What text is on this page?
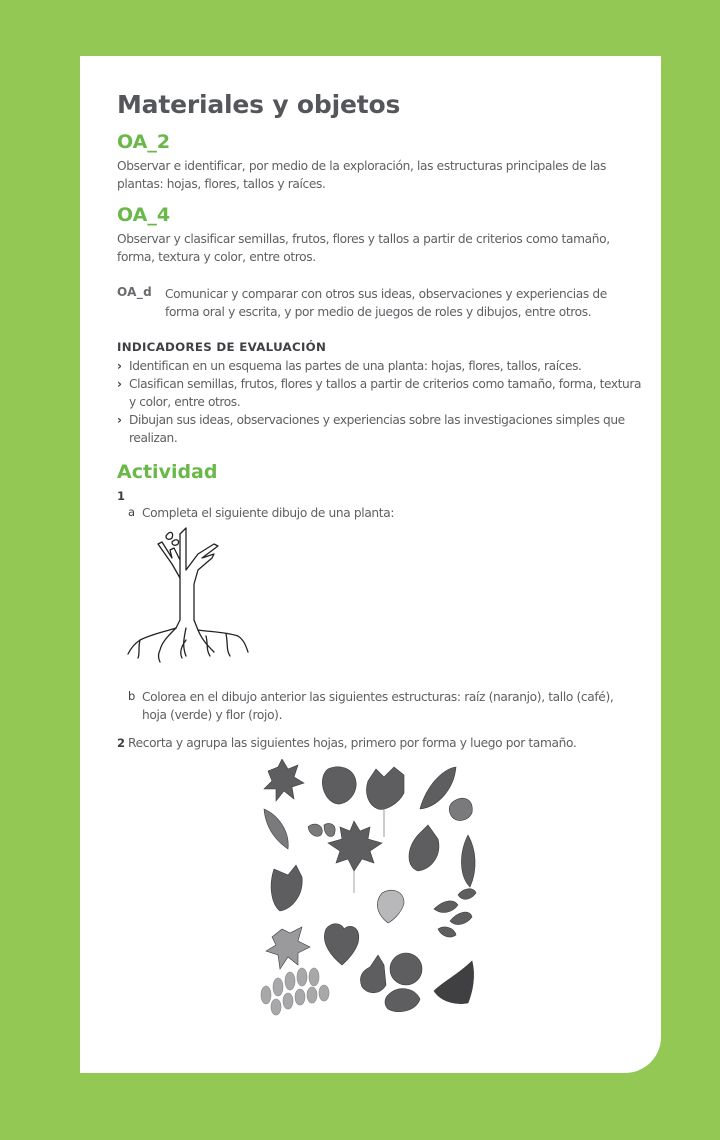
Materiales y objetos
OA_2

Observar e identificar, por medio de la exploración, las estructuras principales de las plantas: hojas, flores, tallos y raíces.

OA_4

Observar y clasificar semillas, frutos, flores y tallos a partir de criterios como tamaño, forma, textura y color, entre otros.

OA_d Comunicar y comparar con otros sus ideas, observaciones y experiencias de forma oral y escrita, y por medio de juegos de roles y dibujos, entre otros.

INDICADORES DE EVALUACIÓN
› Identifican en un esquema las partes de una planta: hojas, flores, tallos, raíces.
› Clasifican semillas, frutos, flores y tallos a partir de criterios como tamaño, forma, textura y color, entre otros.
› Dibujan sus ideas, observaciones y experiencias sobre las investigaciones simples que realizan.
Actividad
1
a Completa el siguiente dibujo de una planta:

b Colorea en el dibujo anterior las siguientes estructuras: raíz (naranjo), tallo (café), hoja (verde) y flor (rojo).

2 Recorta y agrupa las siguientes hojas, primero por forma y luego por tamaño.
